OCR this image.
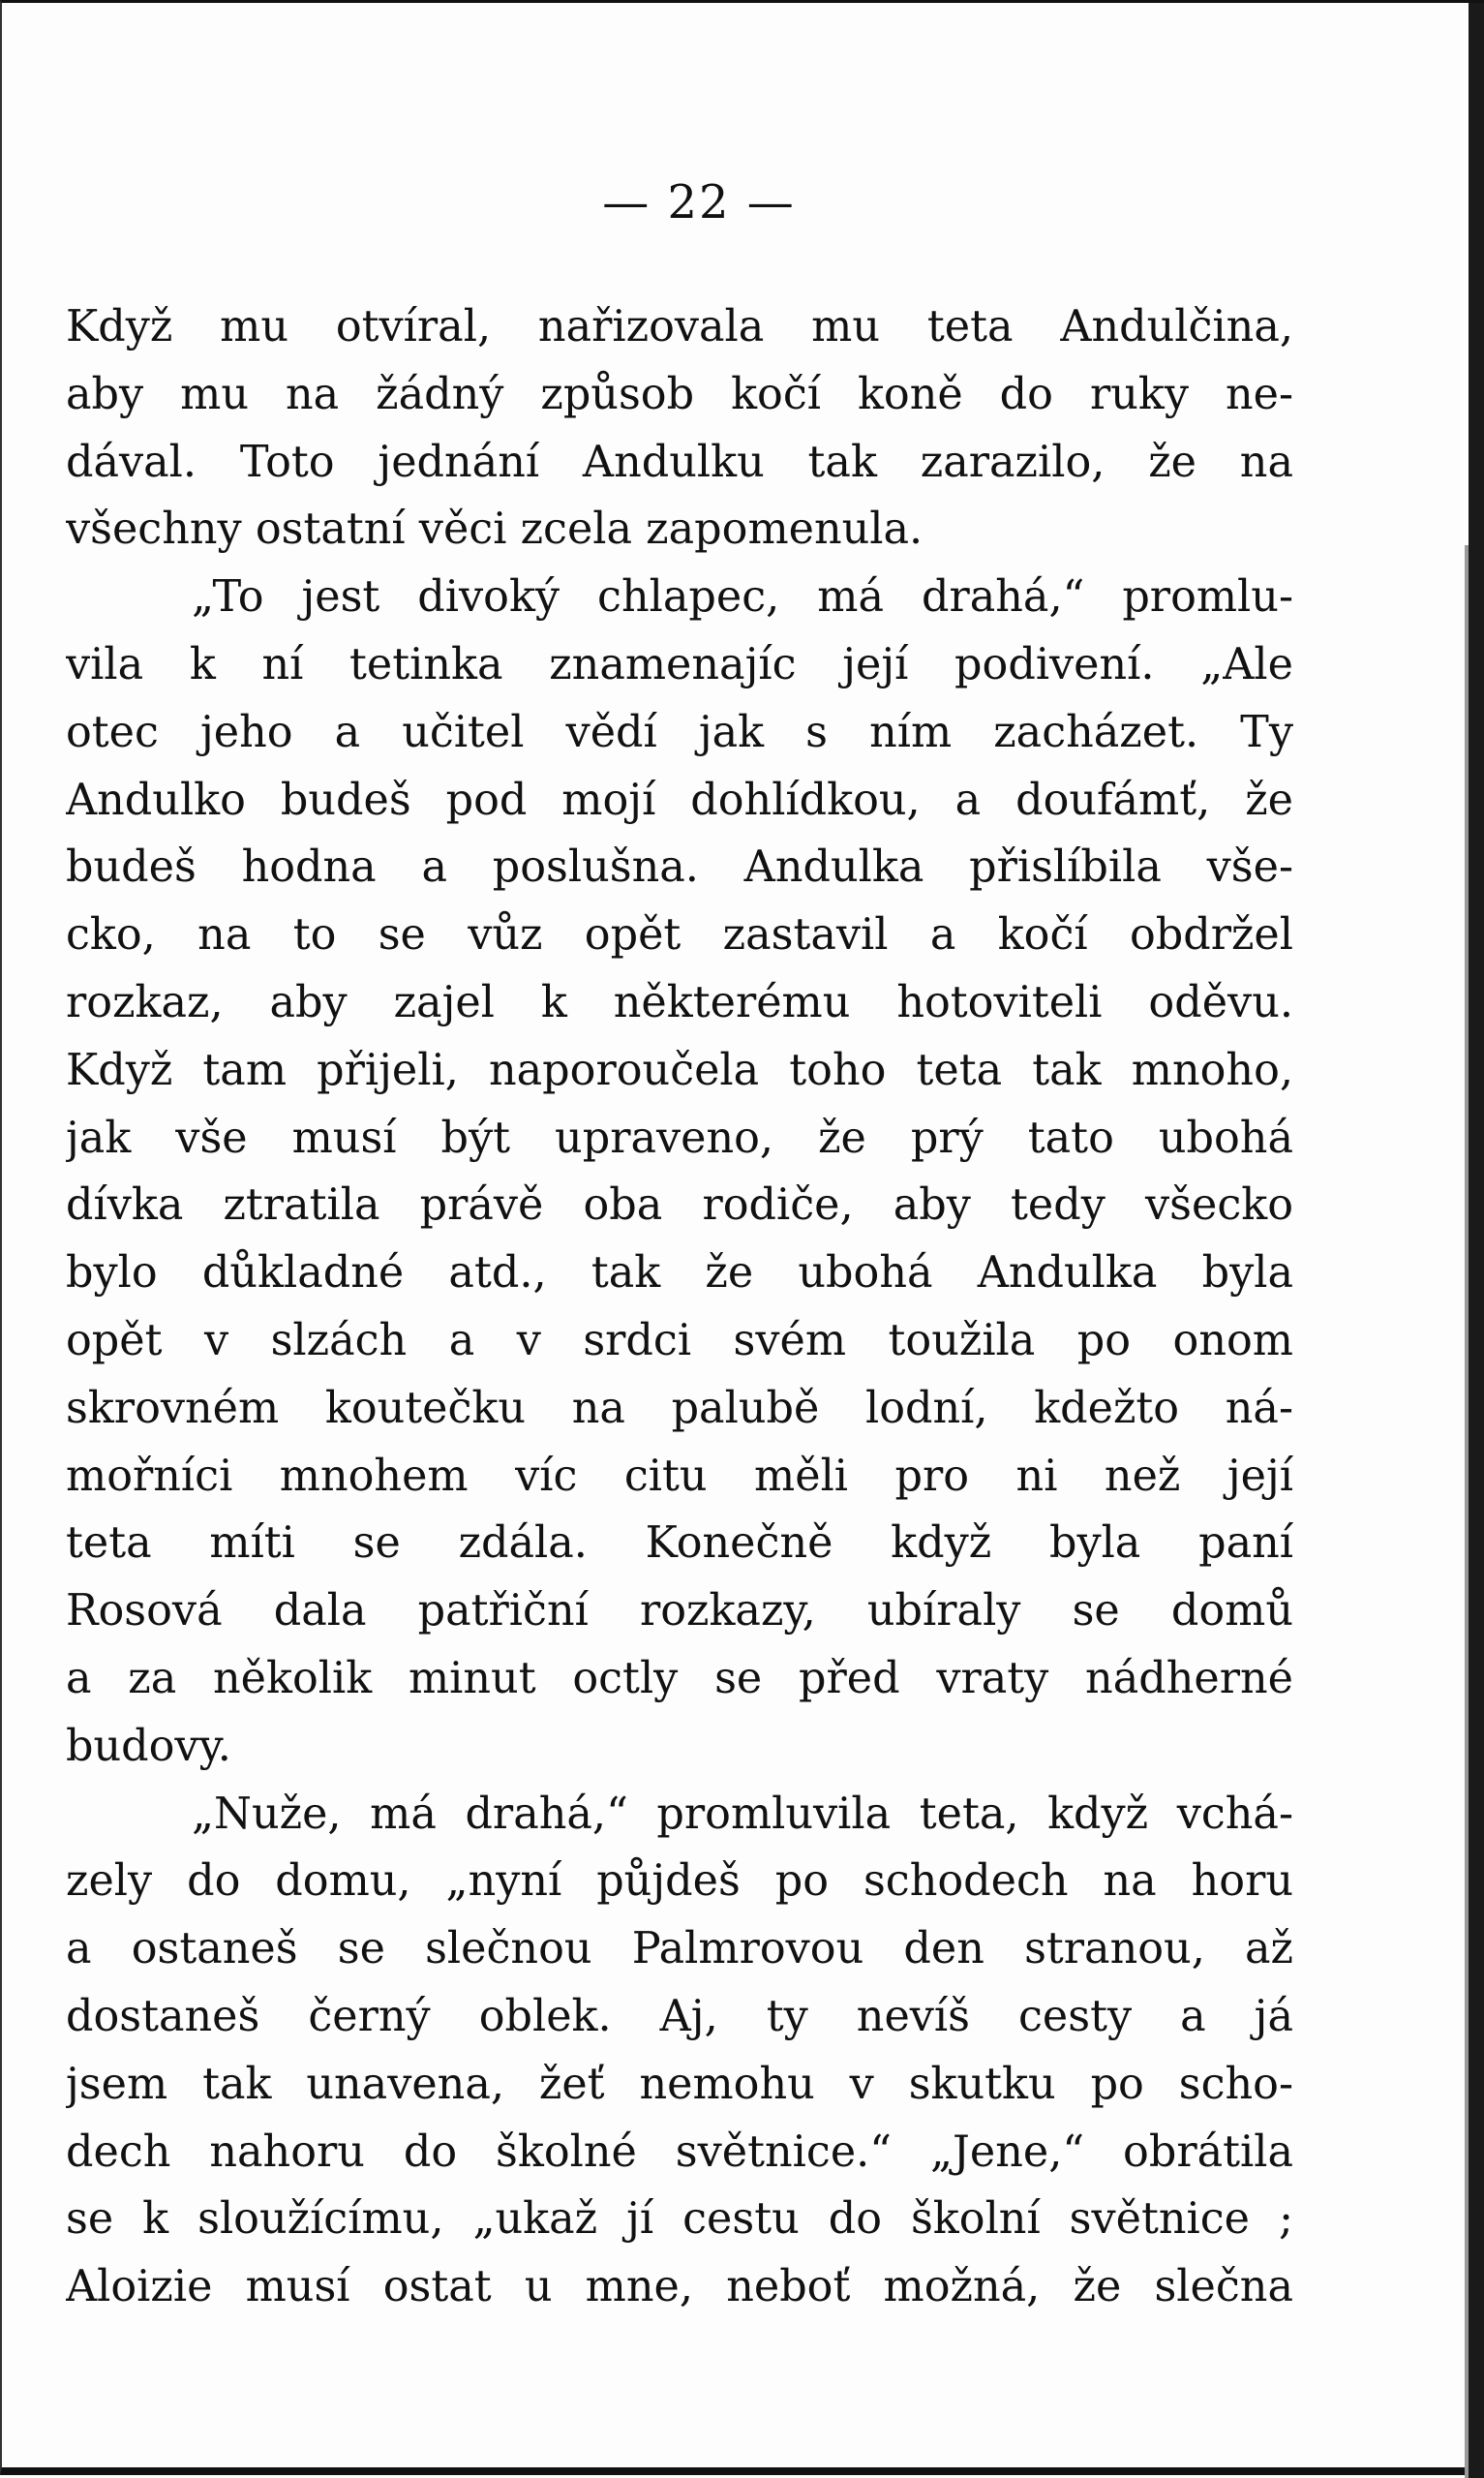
— 22 —
Když mu otvíral, nařizovala mu teta Andulčina,
aby mu na žádný způsob kočí koně do ruky ne-
dával. Toto jednání Andulku tak zarazilo, že na
všechny ostatní věci zcela zapomenula.
„To jest divoký chlapec, má drahá,“ promlu-
vila k ní tetinka znamenajíc její podivení. „Ale
otec jeho a učitel vědí jak s ním zacházet. Ty
Andulko budeš pod mojí dohlídkou, a doufámť, že
budeš hodna a poslušna. Andulka přislíbila vše-
cko, na to se vůz opět zastavil a kočí obdržel
rozkaz, aby zajel k některému hotoviteli oděvu.
Když tam přijeli, naporoučela toho teta tak mnoho,
jak vše musí být upraveno, že prý tato ubohá
dívka ztratila právě oba rodiče, aby tedy všecko
bylo důkladné atd., tak že ubohá Andulka byla
opět v slzách a v srdci svém toužila po onom
skrovném koutečku na palubě lodní, kdežto ná-
mořníci mnohem víc citu měli pro ni než její
teta míti se zdála. Konečně když byla paní
Rosová dala patřiční rozkazy, ubíraly se domů
a za několik minut octly se před vraty nádherné
budovy.
„Nuže, má drahá,“ promluvila teta, když vchá-
zely do domu, „nyní půjdeš po schodech na horu
a ostaneš se slečnou Palmrovou den stranou, až
dostaneš černý oblek. Aj, ty nevíš cesty a já
jsem tak unavena, žeť nemohu v skutku po scho-
dech nahoru do školné světnice.“ „Jene,“ obrátila
se k sloužícímu, „ukaž jí cestu do školní světnice ;
Aloizie musí ostat u mne, neboť možná, že slečna
